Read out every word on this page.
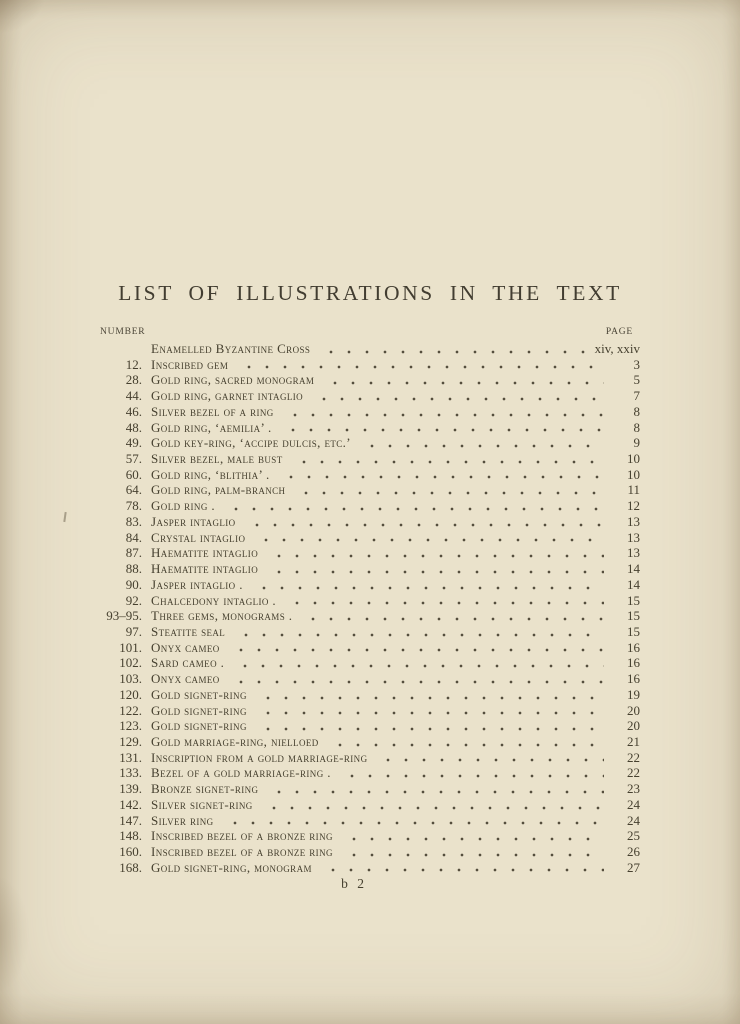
LIST OF ILLUSTRATIONS IN THE TEXT
NUMBER	PAGE
Enamelled Byzantine Cross	xiv, xxiv
12. Inscribed gem	3
28. Gold ring, sacred monogram	5
44. Gold ring, garnet intaglio	7
46. Silver bezel of a ring	8
48. Gold ring, ‘aemilia’ .	8
49. Gold key-ring, ‘accipe dulcis, etc.’	9
57. Silver bezel, male bust	10
60. Gold ring, ‘blithia’ .	10
64. Gold ring, palm-branch	11
78. Gold ring .	12
83. Jasper intaglio	13
84. Crystal intaglio	13
87. Haematite intaglio	13
88. Haematite intaglio	14
90. Jasper intaglio .	14
92. Chalcedony intaglio .	15
93–95. Three gems, monograms .	15
97. Steatite seal	15
101. Onyx cameo	16
102. Sard cameo .	16
103. Onyx cameo	16
120. Gold signet-ring	19
122. Gold signet-ring	20
123. Gold signet-ring	20
129. Gold marriage-ring, nielloed	21
131. Inscription from a gold marriage-ring	22
133. Bezel of a gold marriage-ring .	22
139. Bronze signet-ring	23
142. Silver signet-ring	24
147. Silver ring	24
148. Inscribed bezel of a bronze ring	25
160. Inscribed bezel of a bronze ring	26
168. Gold signet-ring, monogram	27
b 2
